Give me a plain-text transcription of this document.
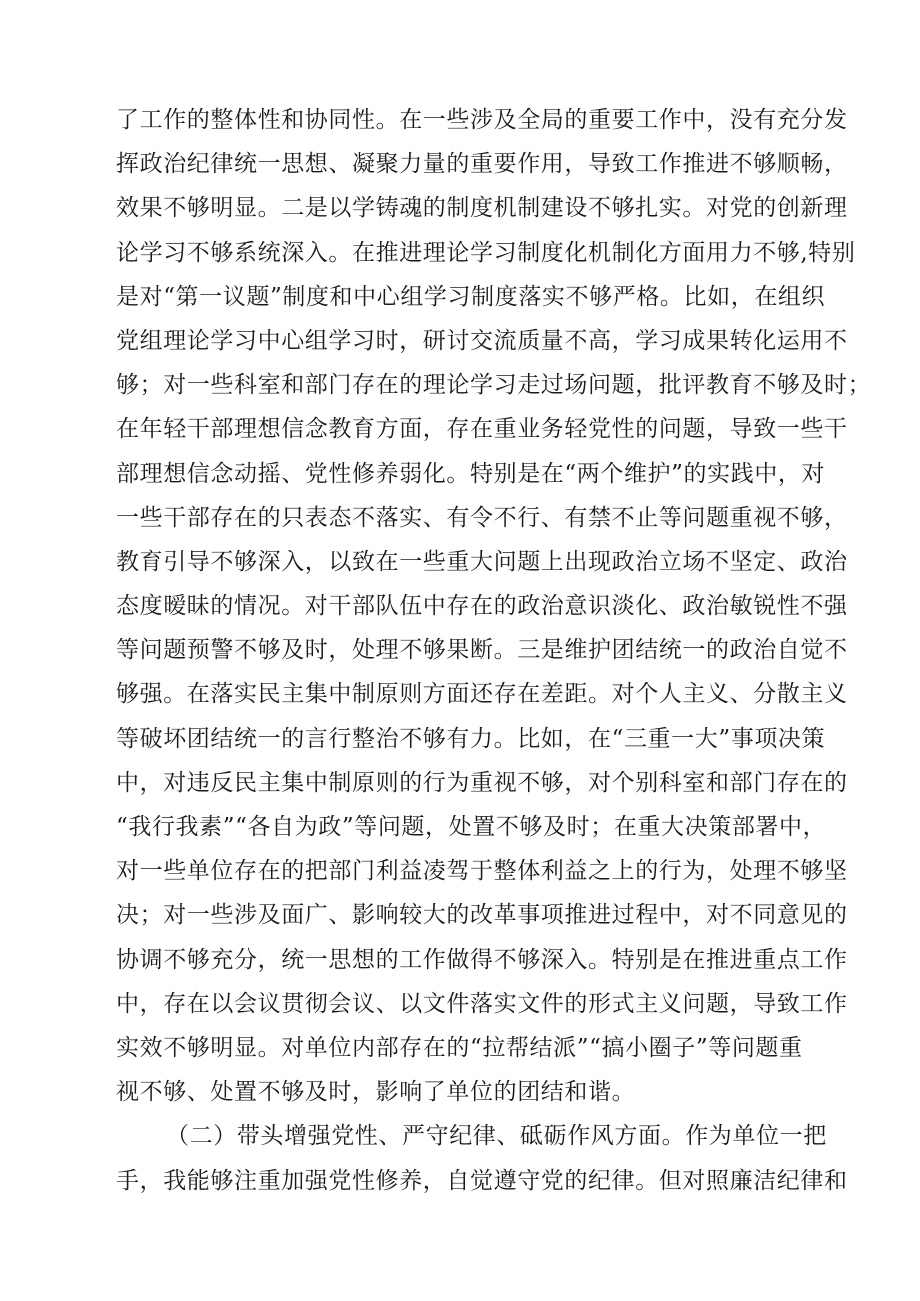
了工作的整体性和协同性。在一些涉及全局的重要工作中，没有充分发
挥政治纪律统一思想、凝聚力量的重要作用，导致工作推进不够顺畅，
效果不够明显。二是以学铸魂的制度机制建设不够扎实。对党的创新理
论学习不够系统深入。在推进理论学习制度化机制化方面用力不够,特别
是对“第一议题”制度和中心组学习制度落实不够严格。比如，在组织
党组理论学习中心组学习时，研讨交流质量不高，学习成果转化运用不
够；对一些科室和部门存在的理论学习走过场问题，批评教育不够及时；
在年轻干部理想信念教育方面，存在重业务轻党性的问题，导致一些干
部理想信念动摇、党性修养弱化。特别是在“两个维护”的实践中，对
一些干部存在的只表态不落实、有令不行、有禁不止等问题重视不够，
教育引导不够深入，以致在一些重大问题上出现政治立场不坚定、政治
态度暧昧的情况。对干部队伍中存在的政治意识淡化、政治敏锐性不强
等问题预警不够及时，处理不够果断。三是维护团结统一的政治自觉不
够强。在落实民主集中制原则方面还存在差距。对个人主义、分散主义
等破坏团结统一的言行整治不够有力。比如，在“三重一大”事项决策
中，对违反民主集中制原则的行为重视不够，对个别科室和部门存在的
“我行我素”“各自为政”等问题，处置不够及时；在重大决策部署中，
对一些单位存在的把部门利益凌驾于整体利益之上的行为，处理不够坚
决；对一些涉及面广、影响较大的改革事项推进过程中，对不同意见的
协调不够充分，统一思想的工作做得不够深入。特别是在推进重点工作
中，存在以会议贯彻会议、以文件落实文件的形式主义问题，导致工作
实效不够明显。对单位内部存在的“拉帮结派”“搞小圈子”等问题重
视不够、处置不够及时，影响了单位的团结和谐。
（二）带头增强党性、严守纪律、砥砺作风方面。作为单位一把
手，我能够注重加强党性修养，自觉遵守党的纪律。但对照廉洁纪律和
